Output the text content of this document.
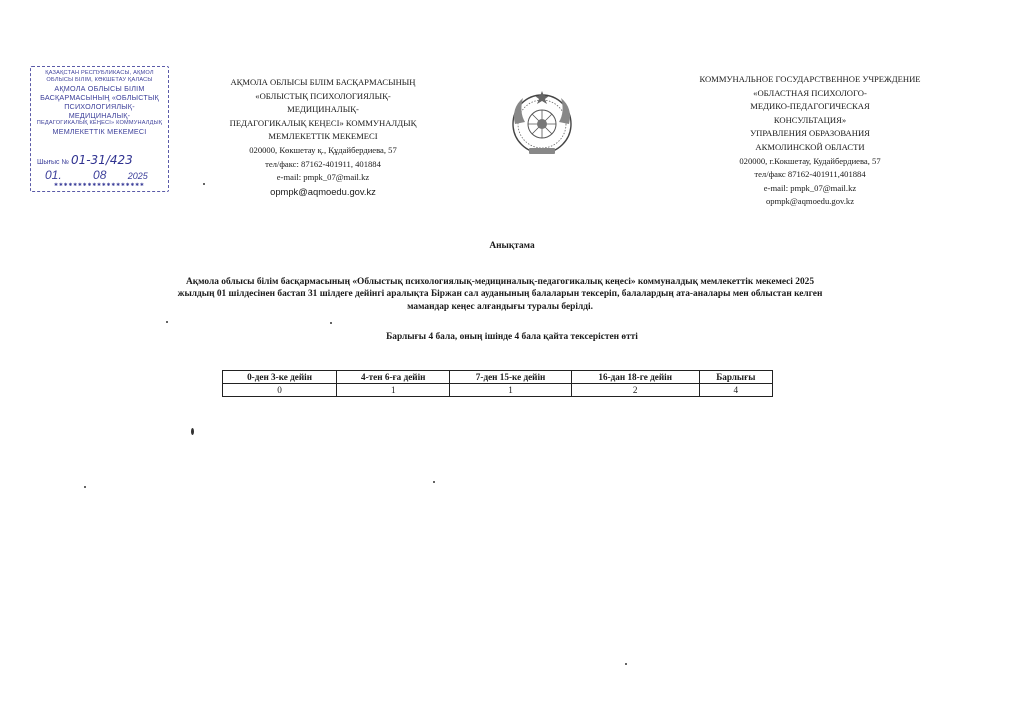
ҚАЗАҚСТАН РЕСПУБЛИКАСЫ, АҚМОЛ
ОБЛЫСЫ БІЛІМ, КӨКШЕТАУ ҚАЛАСЫ
АҚМОЛА ОБЛЫСЫ БІЛІМ
БАСҚАРМАСЫНЫҢ «ОБЛЫСТЫҚ
ПСИХОЛОГИЯЛЫҚ-
МЕДИЦИНАЛЫҚ-
ПЕДАГОГИКАЛЫҚ КЕҢЕСІ» КОММУНАЛДЫҚ
МЕМЛЕКЕТТІК МЕКЕМЕСІ
Шығыс № 01-31/423
01.	08 2025
✱✱✱✱✱✱✱✱✱✱✱✱✱✱✱✱✱✱✱
АҚМОЛА ОБЛЫСЫ БІЛІМ БАСҚАРМАСЫНЫҢ
«ОБЛЫСТЫҚ ПСИХОЛОГИЯЛЫҚ-
МЕДИЦИНАЛЫҚ-
ПЕДАГОГИКАЛЫҚ КЕҢЕСІ» КОММУНАЛДЫҚ
МЕМЛЕКЕТТІК МЕКЕМЕСІ
020000, Көкшетау қ., Құдайбердиева, 57
тел/факс: 87162-401911, 401884
e-mail: pmpk_07@mail.kz
opmpk@aqmoedu.gov.kz
КОММУНАЛЬНОЕ ГОСУДАРСТВЕННОЕ УЧРЕЖДЕНИЕ
«ОБЛАСТНАЯ ПСИХОЛОГО-
МЕДИКО-ПЕДАГОГИЧЕСКАЯ
КОНСУЛЬТАЦИЯ»
УПРАВЛЕНИЯ ОБРАЗОВАНИЯ
АКМОЛИНСКОЙ ОБЛАСТИ
020000, г.Кокшетау, Кудайбердиева, 57
тел/факс 87162-401911,401884
e-mail: pmpk_07@mail.kz
opmpk@aqmoedu.gov.kz
Анықтама
Ақмола облысы білім басқармасының «Облыстық психологиялық-медициналық-педагогикалық кеңесі» коммуналдық мемлекеттік мекемесі 2025
жылдың 01 шілдесінен бастап 31 шілдеге дейінгі аралықта Біржан сал ауданының балаларын тексеріп, балалардың ата-аналары мен облыстан келген
мамандар кеңес алғандығы туралы берілді.
Барлығы 4 бала, оның ішінде 4 бала қайта тексерістен өтті
0-ден 3-ке дейін	4-тен 6-ға дейін	7-ден 15-ке дейін	16-дан 18-ге дейін	Барлығы
0	1	1	2	4
